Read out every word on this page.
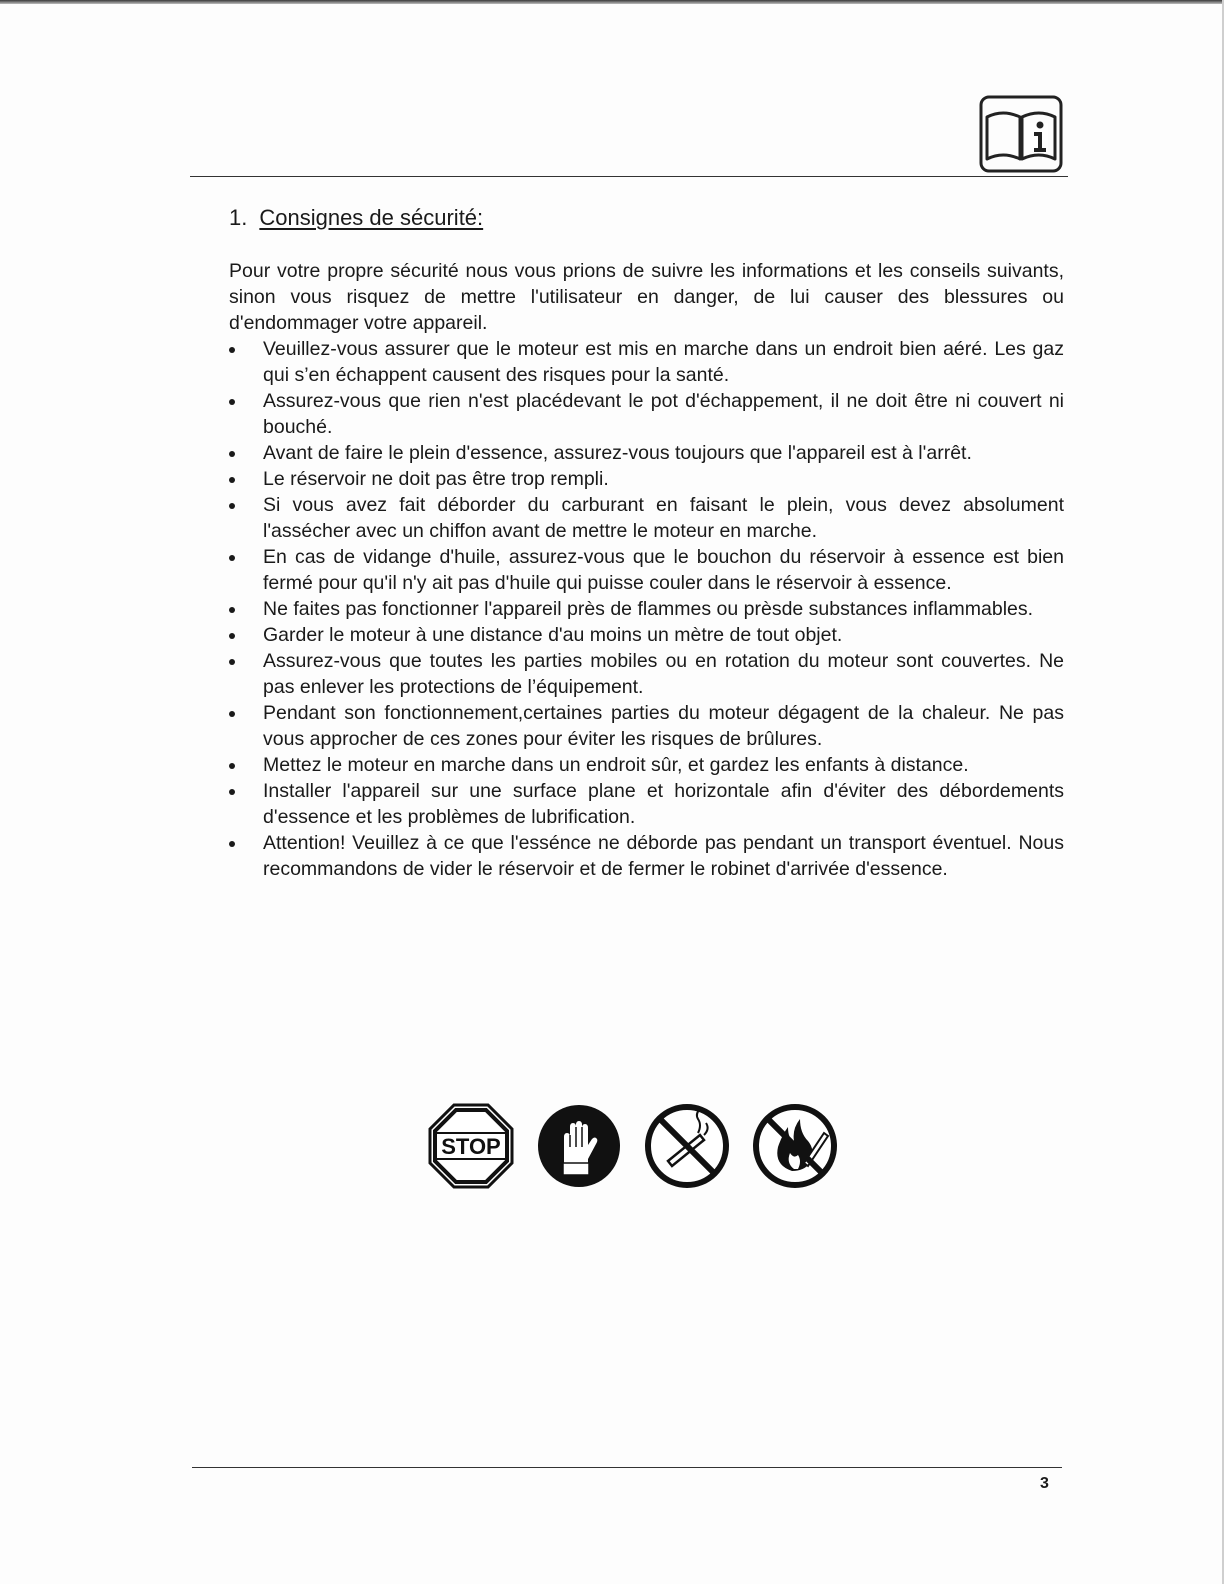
1. Consignes de sécurité:

Pour votre propre sécurité nous vous prions de suivre les informations et les conseils suivants, sinon vous risquez de mettre l'utilisateur en danger, de lui causer des blessures ou d'endommager votre appareil.

Veuillez-vous assurer que le moteur est mis en marche dans un endroit bien aéré. Les gaz qui s’en échappent causent des risques pour la santé.
Assurez-vous que rien n'est placédevant le pot d'échappement, il ne doit être ni couvert ni bouché.
Avant de faire le plein d'essence, assurez-vous toujours que l'appareil est à l'arrêt.
Le réservoir ne doit pas être trop rempli.
Si vous avez fait déborder du carburant en faisant le plein, vous devez absolument l'assécher avec un chiffon avant de mettre le moteur en marche.
En cas de vidange d'huile, assurez-vous que le bouchon du réservoir à essence est bien fermé pour qu'il n'y ait pas d'huile qui puisse couler dans le réservoir à essence.
Ne faites pas fonctionner l'appareil près de flammes ou prèsde substances inflammables.
Garder le moteur à une distance d'au moins un mètre de tout objet.
Assurez-vous que toutes les parties mobiles ou en rotation du moteur sont couvertes. Ne pas enlever les protections de l’équipement.
Pendant son fonctionnement,certaines parties du moteur dégagent de la chaleur. Ne pas vous approcher de ces zones pour éviter les risques de brûlures.
Mettez le moteur en marche dans un endroit sûr, et gardez les enfants à distance.
Installer l'appareil sur une surface plane et horizontale afin d'éviter des débordements d'essence et les problèmes de lubrification.
Attention! Veuillez à ce que l'essénce ne déborde pas pendant un transport éventuel. Nous recommandons de vider le réservoir et de fermer le robinet d'arrivée d'essence.
STOP
3
